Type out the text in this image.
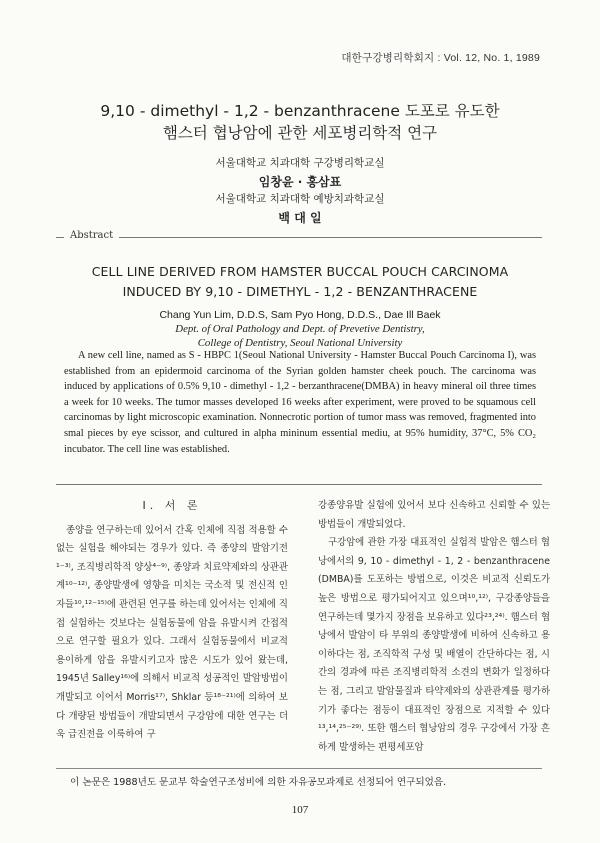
대한구강병리학회지 : Vol. 12, No. 1, 1989
9,10 - dimethyl - 1,2 - benzanthracene 도포로 유도한
햄스터 협낭암에 관한 세포병리학적 연구
서울대학교 치과대학 구강병리학교실
임창윤 · 홍삼표
서울대학교 치과대학 예방치과학교실
백 대 일
Abstract
CELL LINE DERIVED FROM HAMSTER BUCCAL POUCH CARCINOMA
INDUCED BY 9,10 - DIMETHYL - 1,2 - BENZANTHRACENE
Chang Yun Lim, D.D.S, Sam Pyo Hong, D.D.S., Dae Ill Baek
Dept. of Oral Pathology and Dept. of Prevetive Dentistry,
College of Dentistry, Seoul National University
A new cell line, named as S - HBPC 1(Seoul National University - Hamster Buccal Pouch Carcinoma I), was established from an epidermoid carcinoma of the Syrian golden hamster cheek pouch. The carcinoma was induced by applications of 0.5% 9,10 - dimethyl - 1,2 - berzanthracene(DMBA) in heavy mineral oil three times a week for 10 weeks. The tumor masses developed 16 weeks after experiment, were proved to be squamous cell carcinomas by light microscopic examination. Nonnecrotic portion of tumor mass was removed, fragmented into smal pieces by eye scissor, and cultured in alpha mininum essential mediu, at 95% humidity, 37°C, 5% CO₂ incubator. The cell line was established.
I. 서 론

종양을 연구하는데 있어서 간혹 인체에 직접 적용할 수 없는 실험을 해야되는 경우가 있다. 즉 종양의 발암기전¹⁻³⁾, 조직병리학적 양상⁴⁻⁹⁾, 종양과 치료약제와의 상관관계¹⁰⁻¹²⁾, 종양발생에 영향을 미치는 국소적 및 전신적 인자들¹⁰,¹²⁻¹⁵⁾에 관련된 연구를 하는데 있어서는 인체에 직접 실험하는 것보다는 실험동물에 암을 유발시켜 간접적으로 연구할 필요가 있다. 그래서 실험동물에서 비교적 용이하게 암을 유발시키고자 많은 시도가 있어 왔는데, 1945년 Salley¹⁶⁾에 의해서 비교적 성공적인 발암방법이 개발되고 이어서 Morris¹⁷⁾, Shklar 등¹⁸⁻²¹⁾에 의하여 보다 개량된 방법들이 개발되면서 구강암에 대한 연구는 더욱 급진전을 이룩하여 구

강종양유발 실험에 있어서 보다 신속하고 신뢰할 수 있는 방법들이 개발되었다.

구강암에 관한 가장 대표적인 실험적 발암은 햄스터 협낭에서의 9, 10 - dimethyl - 1, 2 - benzanthracene (DMBA)를 도포하는 방법으로, 이것은 비교적 신뢰도가 높은 방법으로 평가되어지고 있으며¹⁰,¹²⁾, 구강종양들을 연구하는데 몇가지 장점을 보유하고 있다²³,²⁴⁾. 햄스터 협낭에서 발암이 타 부위의 종양발생에 비하여 신속하고 용이하다는 점, 조직학적 구성 및 배열이 간단하다는 점, 시간의 경과에 따른 조직병리학적 소견의 변화가 일정하다는 점, 그리고 발암물질과 타약제와의 상관관계를 평가하기가 좋다는 점등이 대표적인 장점으로 지적할 수 있다¹³,¹⁴,²⁵⁻²⁹⁾. 또한 햄스터 협낭암의 경우 구강에서 가장 흔하게 발생하는 편평세포암

이 논문은 1988년도 문교부 학술연구조성비에 의한 자유공모과제로 선정되어 연구되었음.
107
